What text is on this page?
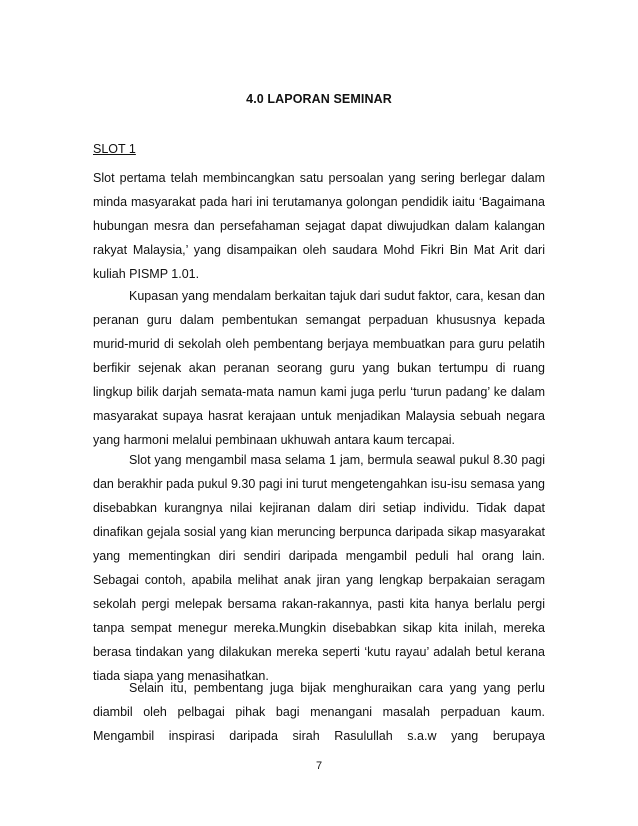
4.0 LAPORAN SEMINAR
SLOT 1

Slot pertama telah membincangkan satu persoalan yang sering berlegar dalam minda masyarakat pada hari ini terutamanya golongan pendidik iaitu ‘Bagaimana hubungan mesra dan persefahaman sejagat dapat diwujudkan dalam kalangan rakyat Malaysia,’ yang disampaikan oleh saudara Mohd Fikri Bin Mat Arit dari kuliah PISMP 1.01.

Kupasan yang mendalam berkaitan tajuk dari sudut faktor, cara, kesan dan peranan guru dalam pembentukan semangat perpaduan khususnya kepada murid-murid di sekolah oleh pembentang berjaya membuatkan para guru pelatih berfikir sejenak akan peranan seorang guru yang bukan tertumpu di ruang lingkup bilik darjah semata-mata namun kami juga perlu ‘turun padang’ ke dalam masyarakat supaya hasrat kerajaan untuk menjadikan Malaysia sebuah negara yang harmoni melalui pembinaan ukhuwah antara kaum tercapai.

Slot yang mengambil masa selama 1 jam, bermula seawal pukul 8.30 pagi dan berakhir pada pukul 9.30 pagi ini turut mengetengahkan isu-isu semasa yang disebabkan kurangnya nilai kejiranan dalam diri setiap individu. Tidak dapat dinafikan gejala sosial yang kian meruncing berpunca daripada sikap masyarakat yang mementingkan diri sendiri daripada mengambil peduli hal orang lain. Sebagai contoh, apabila melihat anak jiran yang lengkap berpakaian seragam sekolah pergi melepak bersama rakan-rakannya, pasti kita hanya berlalu pergi tanpa sempat menegur mereka.Mungkin disebabkan sikap kita inilah, mereka berasa tindakan yang dilakukan mereka seperti ‘kutu rayau’ adalah betul kerana tiada siapa yang menasihatkan.

Selain itu, pembentang juga bijak menghuraikan cara yang yang perlu diambil oleh pelbagai pihak bagi menangani masalah perpaduan kaum. Mengambil inspirasi daripada sirah Rasulullah s.a.w yang berupaya

7
